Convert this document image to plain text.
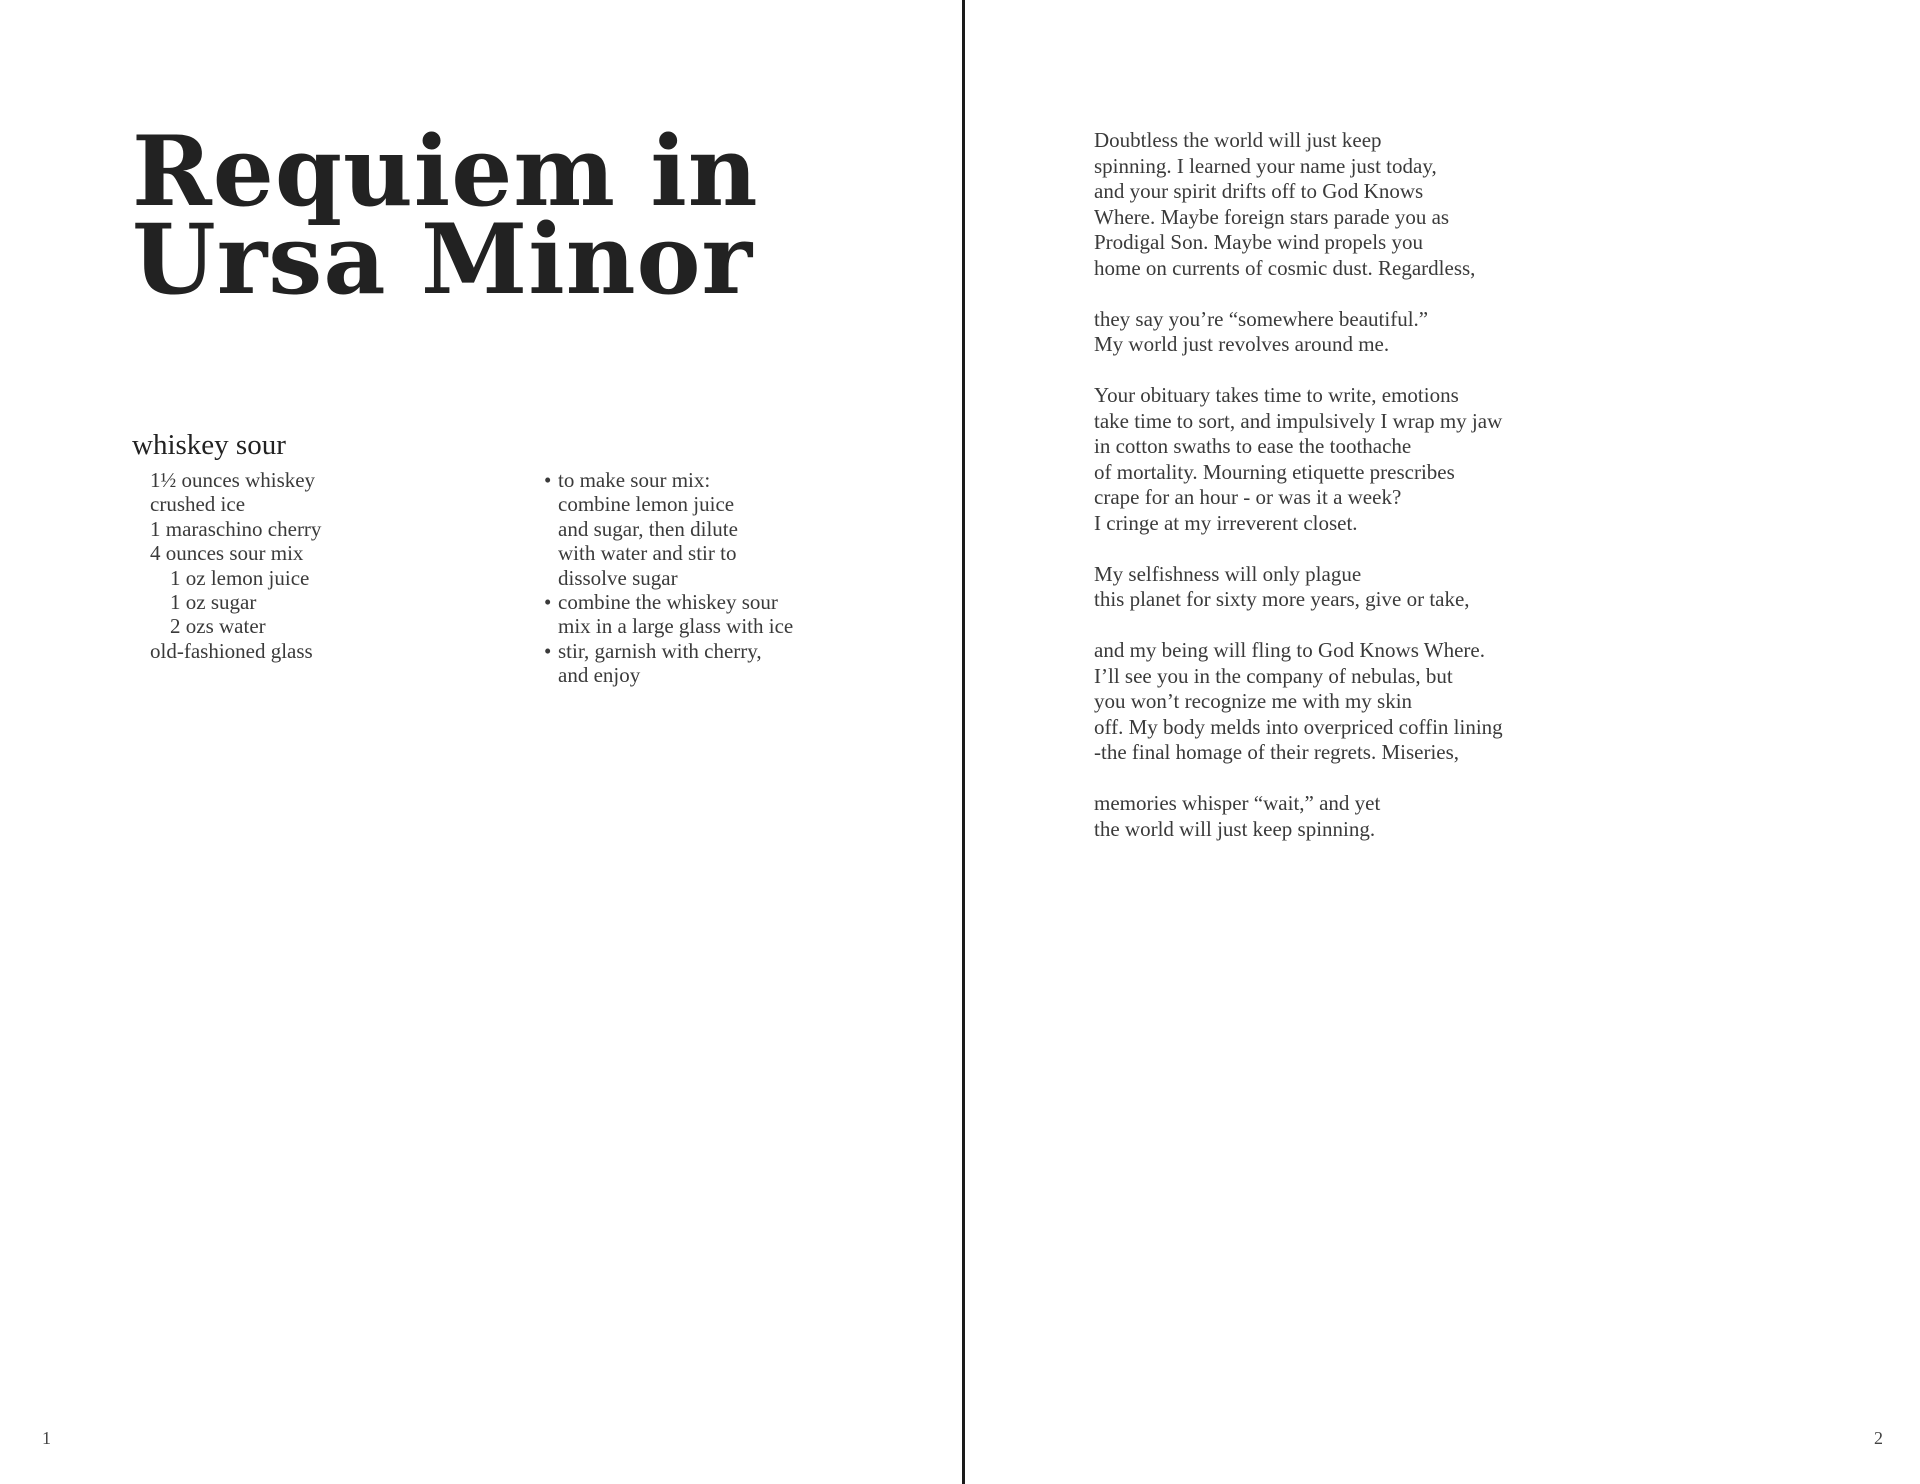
Requiem in
Ursa Minor
whiskey sour
1½ ounces whiskey
crushed ice
1 maraschino cherry
4 ounces sour mix
1 oz lemon juice
1 oz sugar
2 ozs water
old-fashioned glass
• to make sour mix:
combine lemon juice
and sugar, then dilute
with water and stir to
dissolve sugar
• combine the whiskey sour
mix in a large glass with ice
• stir, garnish with cherry,
and enjoy
1	2
Doubtless the world will just keep
spinning. I learned your name just today,
and your spirit drifts off to God Knows
Where. Maybe foreign stars parade you as
Prodigal Son. Maybe wind propels you
home on currents of cosmic dust. Regardless,
they say you’re “somewhere beautiful.”
My world just revolves around me.
Your obituary takes time to write, emotions
take time to sort, and impulsively I wrap my jaw
in cotton swaths to ease the toothache
of mortality. Mourning etiquette prescribes
crape for an hour - or was it a week?
I cringe at my irreverent closet.
My selfishness will only plague
this planet for sixty more years, give or take,
and my being will fling to God Knows Where.
I’ll see you in the company of nebulas, but
you won’t recognize me with my skin
off. My body melds into overpriced coffin lining
-the final homage of their regrets. Miseries,
memories whisper “wait,” and yet
the world will just keep spinning.
